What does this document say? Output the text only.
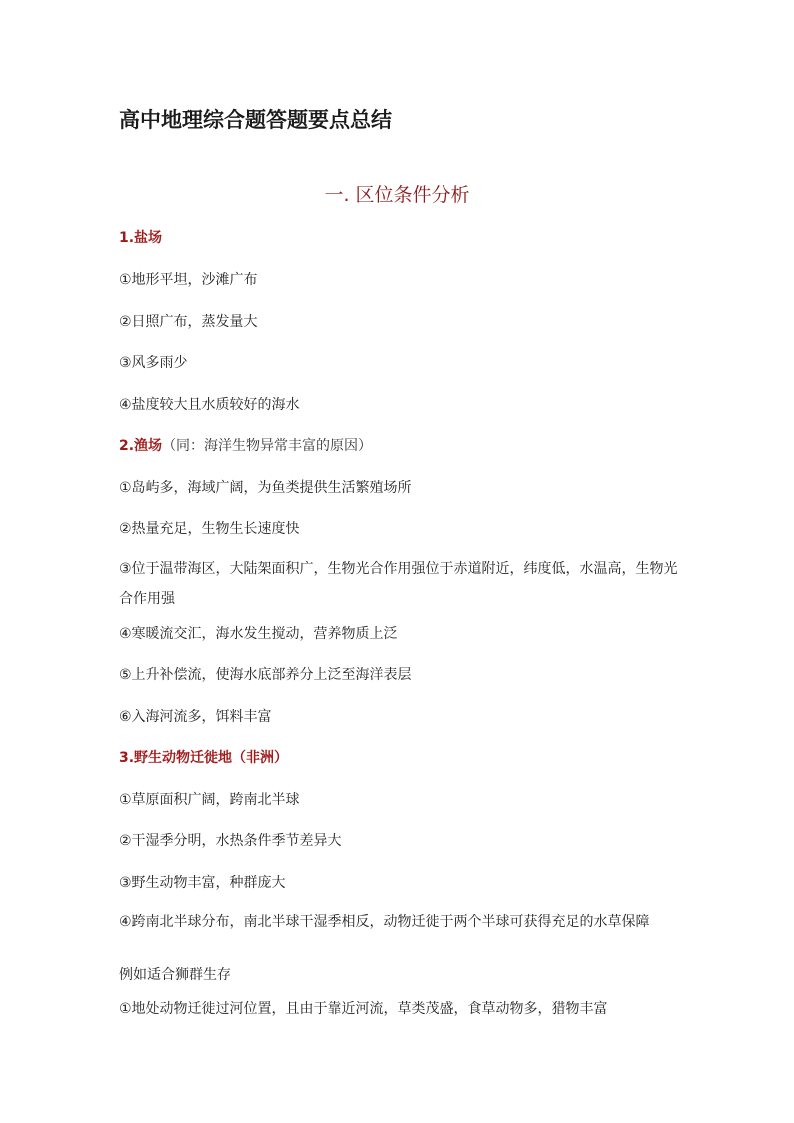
高中地理综合题答题要点总结
一. 区位条件分析
1.盐场

①地形平坦，沙滩广布

②日照广布，蒸发量大

③风多雨少

④盐度较大且水质较好的海水

2.渔场（同：海洋生物异常丰富的原因）

①岛屿多，海域广阔，为鱼类提供生活繁殖场所

②热量充足，生物生长速度快

③位于温带海区，大陆架面积广，生物光合作用强位于赤道附近，纬度低，水温高，生物光合作用强

④寒暖流交汇，海水发生搅动，营养物质上泛

⑤上升补偿流，使海水底部养分上泛至海洋表层

⑥入海河流多，饵料丰富

3.野生动物迁徙地（非洲）

①草原面积广阔，跨南北半球

②干湿季分明，水热条件季节差异大

③野生动物丰富，种群庞大

④跨南北半球分布，南北半球干湿季相反，动物迁徙于两个半球可获得充足的水草保障

例如适合狮群生存

①地处动物迁徙过河位置，且由于靠近河流，草类茂盛，食草动物多，猎物丰富
